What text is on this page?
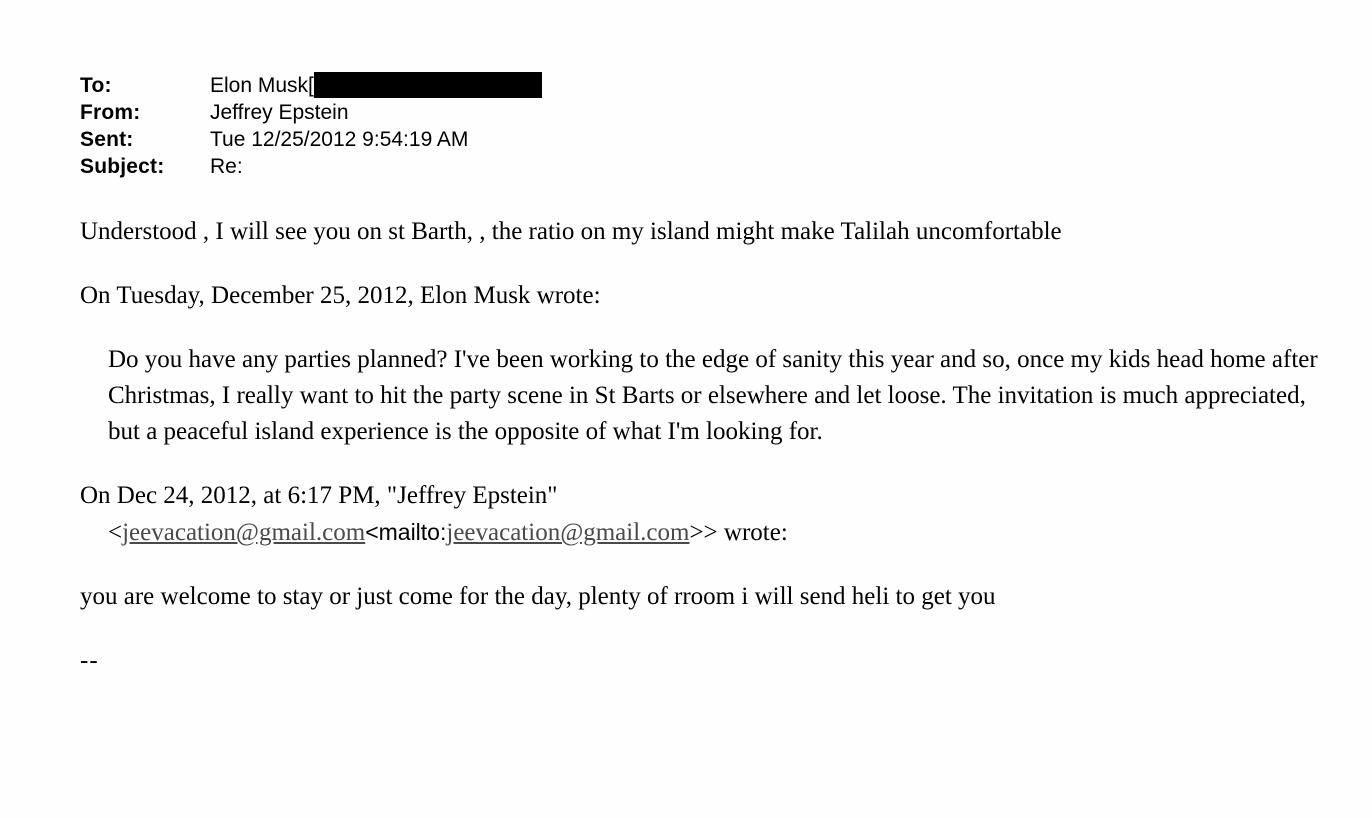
To:	Elon Musk[
From:	Jeffrey Epstein
Sent:	Tue 12/25/2012 9:54:19 AM
Subject:	Re:

Understood , I will see you on st Barth, , the ratio on my island might make Talilah uncomfortable

On Tuesday, December 25, 2012, Elon Musk wrote:

Do you have any parties planned? I've been working to the edge of sanity this year and so, once my kids head home after Christmas, I really want to hit the party scene in St Barts or elsewhere and let loose. The invitation is much appreciated, but a peaceful island experience is the opposite of what I'm looking for.

On Dec 24, 2012, at 6:17 PM, "Jeffrey Epstein"

<jeevacation@gmail.com<mailto:jeevacation@gmail.com>> wrote:

you are welcome to stay or just come for the day, plenty of rroom i will send heli to get you

--
